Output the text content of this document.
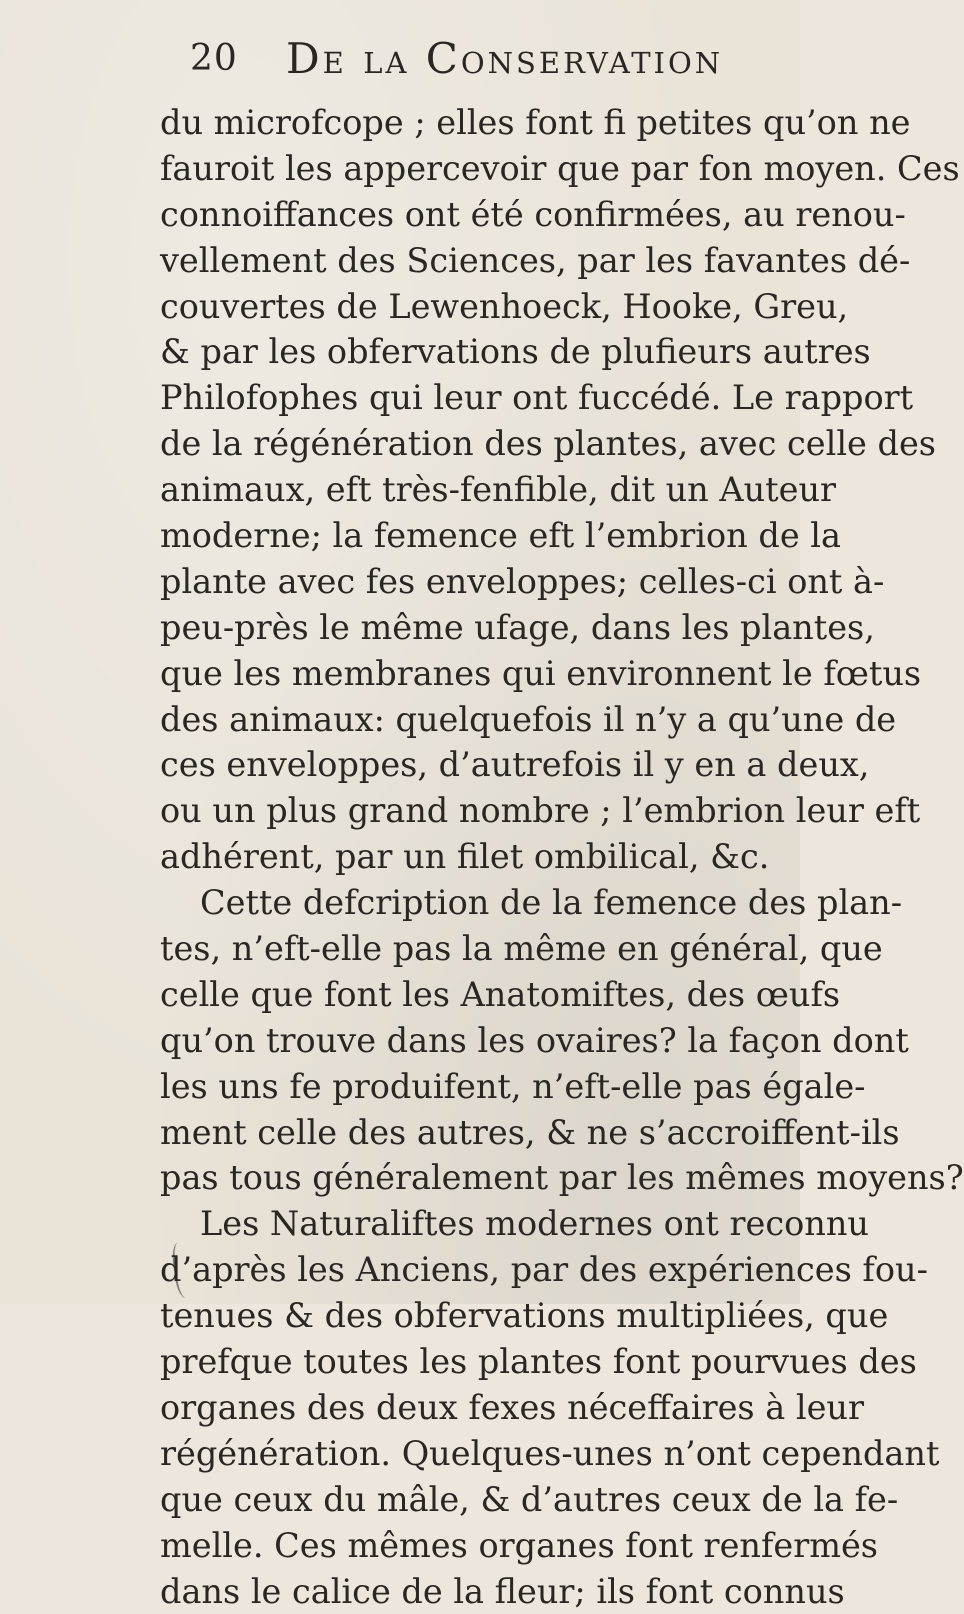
20 De la Conservation
du microfcope ; elles font fi petites qu’on ne
fauroit les appercevoir que par fon moyen. Ces
connoiffances ont été confirmées, au renou-
vellement des Sciences, par les favantes dé-
couvertes de Lewenhoeck, Hooke, Greu,
& par les obfervations de plufieurs autres
Philofophes qui leur ont fuccédé. Le rapport
de la régénération des plantes, avec celle des
animaux, eft très-fenfible, dit un Auteur
moderne; la femence eft l’embrion de la
plante avec fes enveloppes; celles-ci ont à-
peu-près le même ufage, dans les plantes,
que les membranes qui environnent le fœtus
des animaux: quelquefois il n’y a qu’une de
ces enveloppes, d’autrefois il y en a deux,
ou un plus grand nombre ; l’embrion leur eft
adhérent, par un filet ombilical, &c.
Cette defcription de la femence des plan-
tes, n’eft-elle pas la même en général, que
celle que font les Anatomiftes, des œufs
qu’on trouve dans les ovaires? la façon dont
les uns fe produifent, n’eft-elle pas égale-
ment celle des autres, & ne s’accroiffent-ils
pas tous généralement par les mêmes moyens?
Les Naturaliftes modernes ont reconnu
d’après les Anciens, par des expériences fou-
tenues & des obfervations multipliées, que
prefque toutes les plantes font pourvues des
organes des deux fexes néceffaires à leur
régénération. Quelques-unes n’ont cependant
que ceux du mâle, & d’autres ceux de la fe-
melle. Ces mêmes organes font renfermés
dans le calice de la fleur; ils font connus
